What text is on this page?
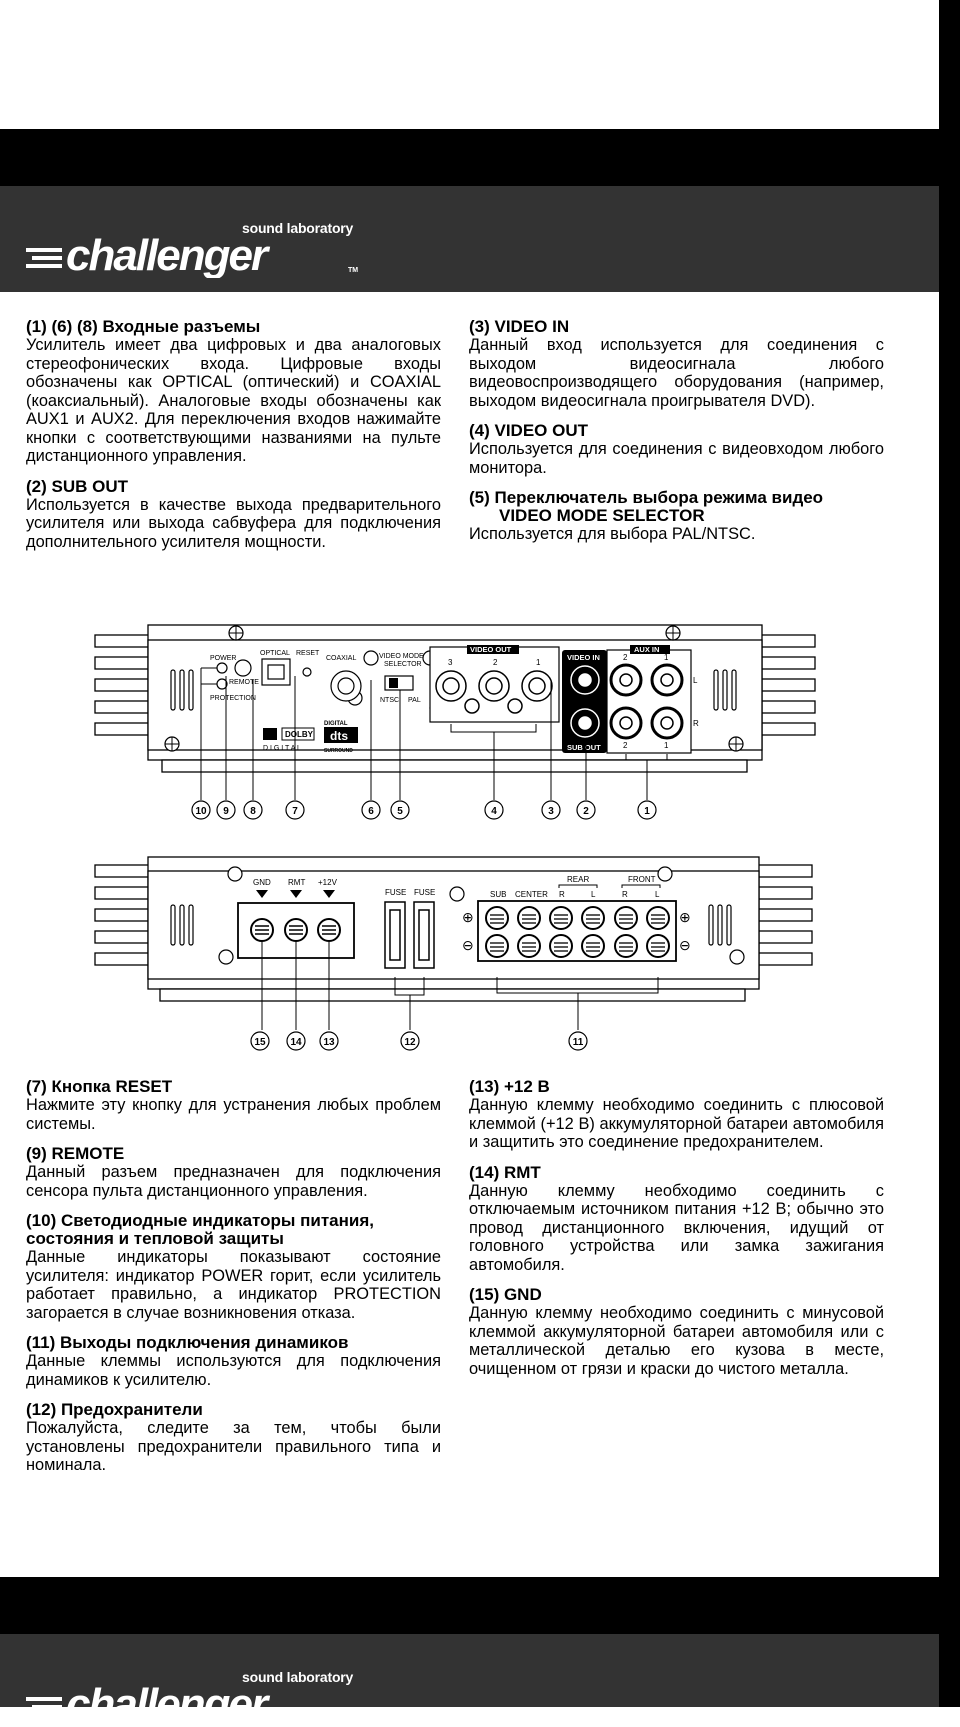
sound laboratory
challenger	TM
(1) (6) (8) Входные разъемы

Усилитель имеет два цифровых и два аналоговых стереофонических входа. Цифровые входы обозначены как OPTICAL (оптический) и COAXIAL (коаксиальный). Аналоговые входы обозначены как AUX1 и AUX2. Для переключения входов нажимайте кнопки с соответствующими названиями на пульте дистанционного управления.

(2) SUB OUT

Используется в качестве выхода предварительного усилителя или выхода сабвуфера для подключения дополнительного усилителя мощности.

(3) VIDEO IN

Данный вход используется для соединения с выходом видеосигнала любого видеовоспроизводящего оборудования (например, выходом видеосигнала проигрывателя DVD).

(4) VIDEO OUT

Используется для соединения с видеовходом любого монитора.

(5) Переключатель выбора режима видео
VIDEO MODE SELECTOR

Используется для выбора PAL/NTSC.

POWER
REMOTE
PROTECTION
OPTICAL RESET
COAXIAL	VIDEO MODE
SELECTOR
NTSC PAL
DOLBY
D I G I T A L
DIGITAL
dts
SURROUND
VIDEO OUT
3	2	1
VIDEO IN
SUB OUT
AUX IN
2	1
2	1
L
R
10 9 8	7	6 5	4	3	2	1
GND RMT +12V
FUSE FUSE	SUB CENTER
REAR	FRONT
R	L	R	L
⊕
⊖
⊕
⊖
15 14 13	12	11
(7) Кнопка RESET

Нажмите эту кнопку для устранения любых проблем системы.

(9) REMOTE

Данный разъем предназначен для подключения сенсора пульта дистанционного управления.

(10) Светодиодные индикаторы питания,
состояния и тепловой защиты

Данные индикаторы показывают состояние усилителя: индикатор POWER горит, если усилитель работает правильно, а индикатор PROTECTION загорается в случае возникновения отказа.

(11) Выходы подключения динамиков

Данные клеммы используются для подключения динамиков к усилителю.

(12) Предохранители

Пожалуйста, следите за тем, чтобы были установлены предохранители правильного типа и номинала.

(13) +12 В

Данную клемму необходимо соединить с плюсовой клеммой (+12 В) аккумуляторной батареи автомобиля и защитить это соединение предохранителем.

(14) RMT

Данную клемму необходимо соединить с отключаемым источником питания +12 В; обычно это провод дистанционного включения, идущий от головного устройства или замка зажигания автомобиля.

(15) GND

Данную клемму необходимо соединить с минусовой клеммой аккумуляторной батареи автомобиля или с металлической деталью его кузова в месте, очищенном от грязи и краски до чистого металла.

sound laboratory
challenger
